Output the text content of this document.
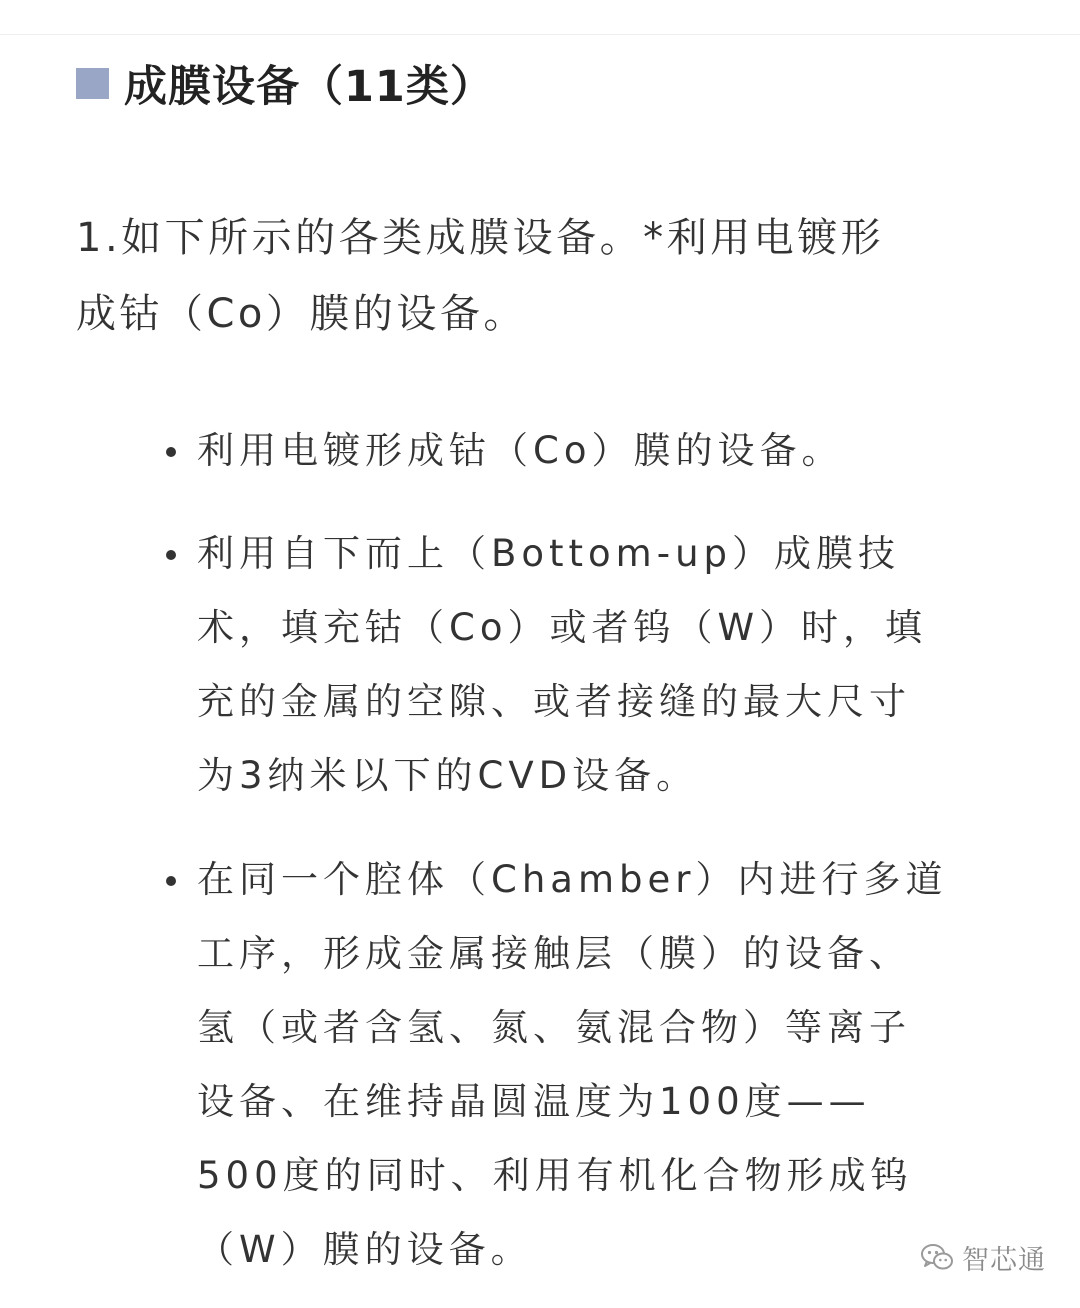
成膜设备（11类）
1.如下所示的各类成膜设备。*利用电镀形
成钴（Co）膜的设备。
利用电镀形成钴（Co）膜的设备。
利用自下而上（Bottom-up）成膜技
术，填充钴（Co）或者钨（W）时，填
充的金属的空隙、或者接缝的最大尺寸
为3纳米以下的CVD设备。
在同一个腔体（Chamber）内进行多道
工序，形成金属接触层（膜）的设备、
氢（或者含氢、氮、氨混合物）等离子
设备、在维持晶圆温度为100度——
500度的同时、利用有机化合物形成钨
（W）膜的设备。	智芯通
